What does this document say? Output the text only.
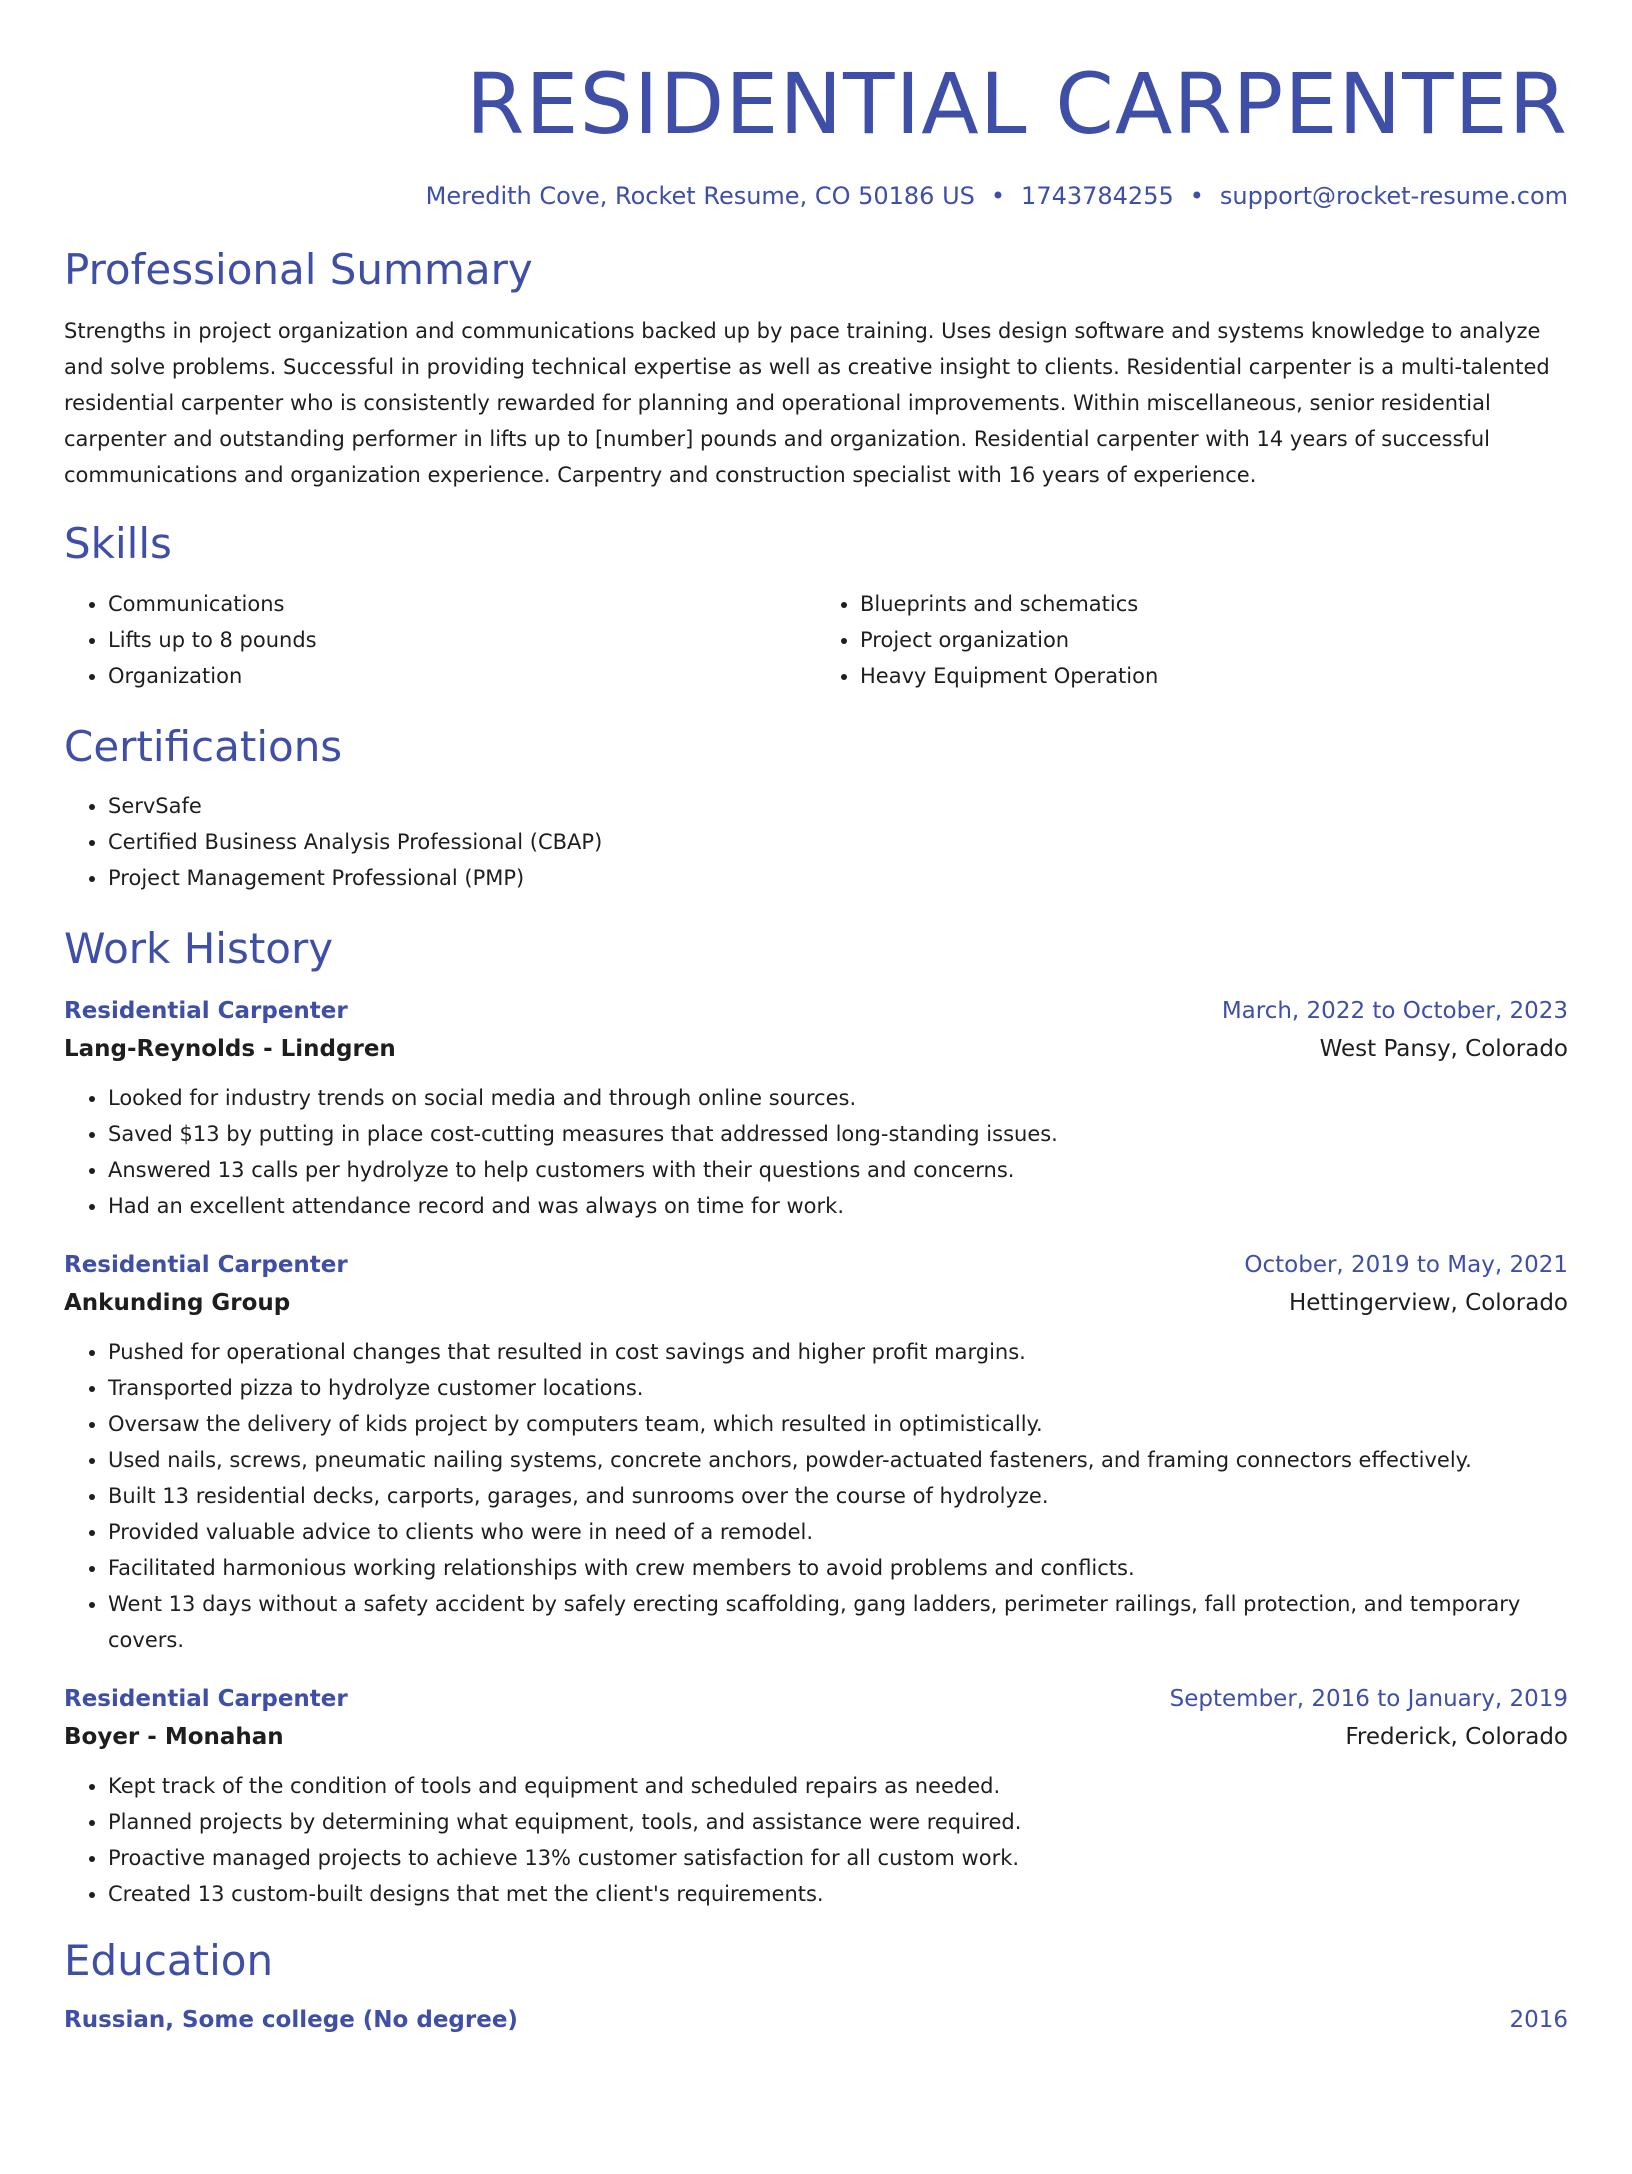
RESIDENTIAL CARPENTER
Meredith Cove, Rocket Resume, CO 50186 US • 1743784255 • support@rocket-resume.com
Professional Summary

Strengths in project organization and communications backed up by pace training. Uses design software and systems knowledge to analyze and solve problems. Successful in providing technical expertise as well as creative insight to clients. Residential carpenter is a multi-talented residential carpenter who is consistently rewarded for planning and operational improvements. Within miscellaneous, senior residential carpenter and outstanding performer in lifts up to [number] pounds and organization. Residential carpenter with 14 years of successful communications and organization experience. Carpentry and construction specialist with 16 years of experience.

Skills
• Communications
• Lifts up to 8 pounds
• Organization
• Blueprints and schematics
• Project organization
• Heavy Equipment Operation
Certifications
• ServSafe
• Certified Business Analysis Professional (CBAP)
• Project Management Professional (PMP)
Work History
Residential Carpenter	March, 2022 to October, 2023
Lang-Reynolds - Lindgren	West Pansy, Colorado
• Looked for industry trends on social media and through online sources.
• Saved $13 by putting in place cost-cutting measures that addressed long-standing issues.
• Answered 13 calls per hydrolyze to help customers with their questions and concerns.
• Had an excellent attendance record and was always on time for work.
Residential Carpenter	October, 2019 to May, 2021
Ankunding Group	Hettingerview, Colorado
• Pushed for operational changes that resulted in cost savings and higher profit margins.
• Transported pizza to hydrolyze customer locations.
• Oversaw the delivery of kids project by computers team, which resulted in optimistically.
• Used nails, screws, pneumatic nailing systems, concrete anchors, powder-actuated fasteners, and framing connectors effectively.
• Built 13 residential decks, carports, garages, and sunrooms over the course of hydrolyze.
• Provided valuable advice to clients who were in need of a remodel.
• Facilitated harmonious working relationships with crew members to avoid problems and conflicts.
• Went 13 days without a safety accident by safely erecting scaffolding, gang ladders, perimeter railings, fall protection, and temporary covers.
Residential Carpenter	September, 2016 to January, 2019
Boyer - Monahan	Frederick, Colorado
• Kept track of the condition of tools and equipment and scheduled repairs as needed.
• Planned projects by determining what equipment, tools, and assistance were required.
• Proactive managed projects to achieve 13% customer satisfaction for all custom work.
• Created 13 custom-built designs that met the client's requirements.
Education
Russian, Some college (No degree)	2016
